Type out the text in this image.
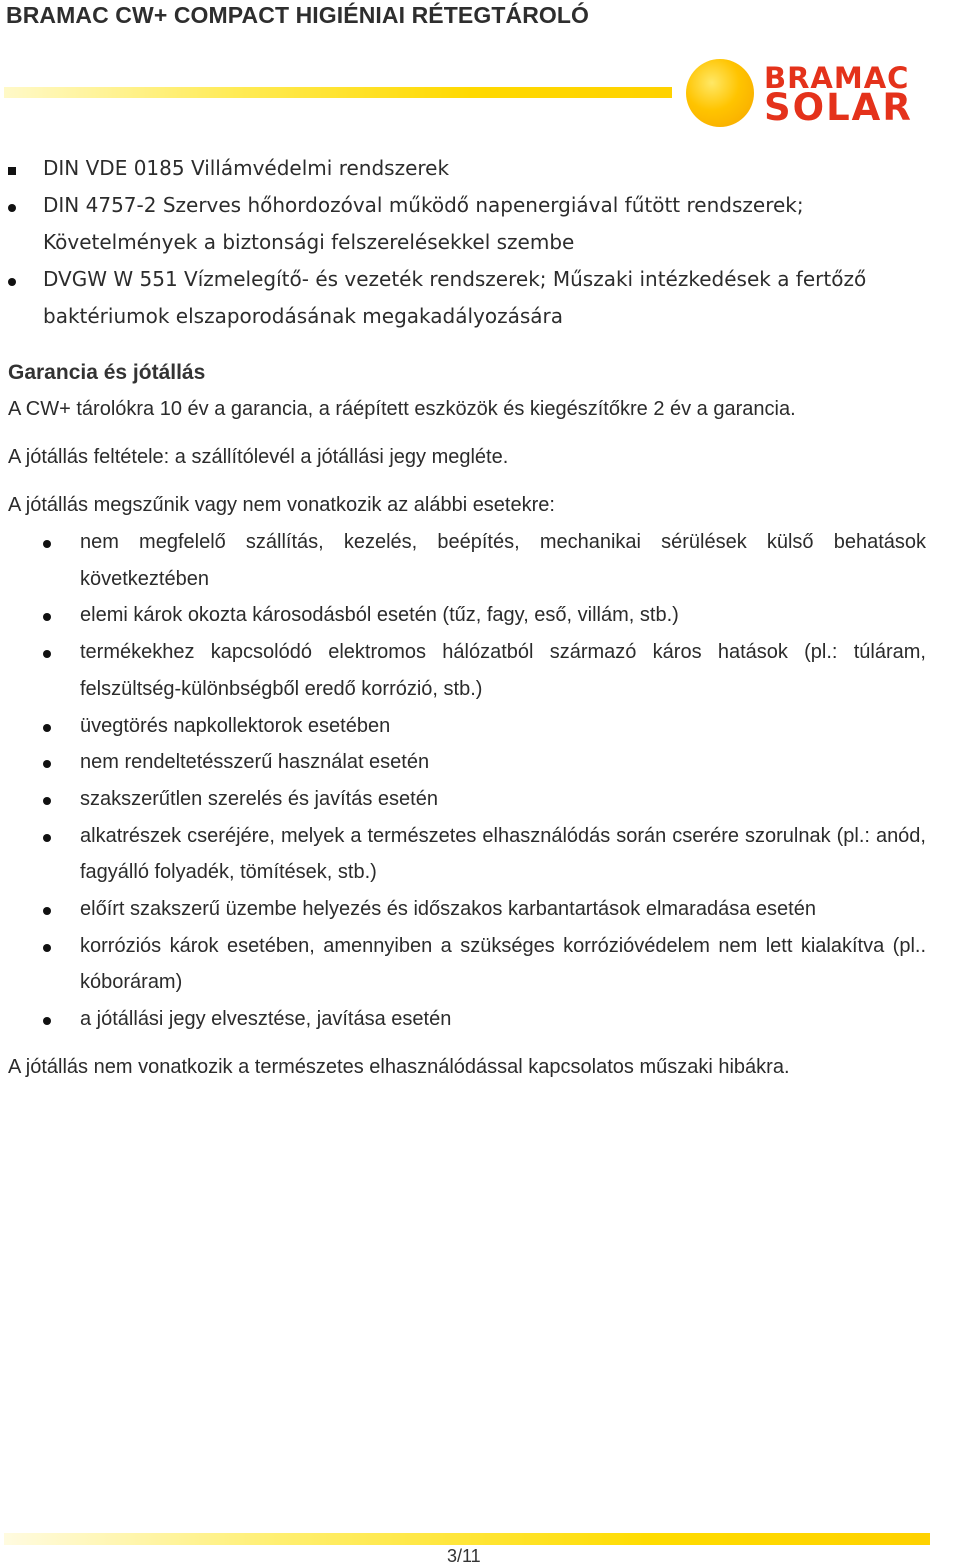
BRAMAC CW+ COMPACT HIGIÉNIAI RÉTEGTÁROLÓ
BRAMAC
SOLAR
DIN VDE 0185 Villámvédelmi rendszerek
DIN 4757-2 Szerves hőhordozóval működő napenergiával fűtött rendszerek; Követelmények a biztonsági felszerelésekkel szembe
DVGW W 551 Vízmelegítő- és vezeték rendszerek; Műszaki intézkedések a fertőző baktériumok elszaporodásának megakadályozására
Garancia és jótállás

A CW+ tárolókra 10 év a garancia, a ráépített eszközök és kiegészítőkre 2 év a garancia.

A jótállás feltétele: a szállítólevél a jótállási jegy megléte.

A jótállás megszűnik vagy nem vonatkozik az alábbi esetekre:

nem megfelelő szállítás, kezelés, beépítés, mechanikai sérülések külső behatások következtében
elemi károk okozta károsodásból esetén (tűz, fagy, eső, villám, stb.)
termékekhez kapcsolódó elektromos hálózatból származó káros hatások (pl.: túláram, felszültség-különbségből eredő korrózió, stb.)
üvegtörés napkollektorok esetében
nem rendeltetésszerű használat esetén
szakszerűtlen szerelés és javítás esetén
alkatrészek cseréjére, melyek a természetes elhasználódás során cserére szorulnak (pl.: anód, fagyálló folyadék, tömítések, stb.)
előírt szakszerű üzembe helyezés és időszakos karbantartások elmaradása esetén
korróziós károk esetében, amennyiben a szükséges korrózióvédelem nem lett kialakítva (pl.. kóboráram)
a jótállási jegy elvesztése, javítása esetén

A jótállás nem vonatkozik a természetes elhasználódással kapcsolatos műszaki hibákra.

3/11
